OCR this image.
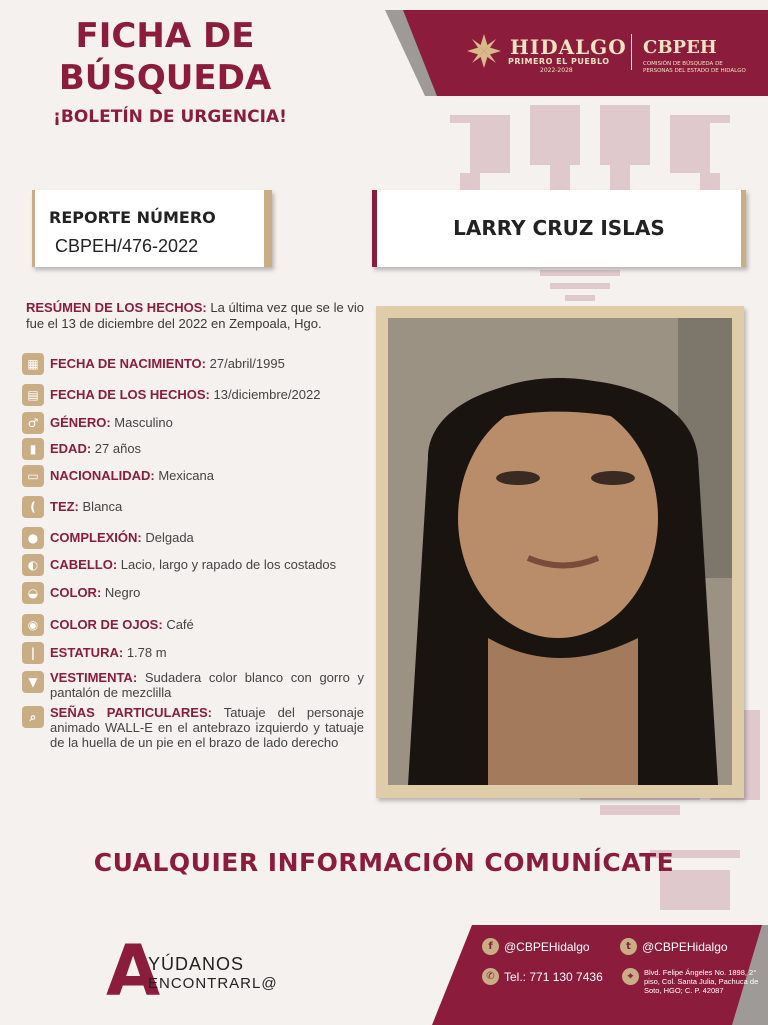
FICHA DE
BÚSQUEDA
¡BOLETÍN DE URGENCIA!
HIDALGO
PRIMERO EL PUEBLO
2022-2028
CBPEH
COMISIÓN DE BÚSQUEDA DE PERSONAS DEL ESTADO DE HIDALGO
REPORTE NÚMERO
CBPEH/476-2022
LARRY CRUZ ISLAS
RESÚMEN DE LOS HECHOS: La última vez que se le vio fue el 13 de diciembre del 2022 en Zempoala, Hgo.
▦ FECHA DE NACIMIENTO:
27/abril/1995
▤ FECHA DE LOS HECHOS:
13/diciembre/2022
♂ GÉNERO:
Masculino
▮	EDAD:
27 años
▭ NACIONALIDAD:
Mexicana
(	TEZ:
Blanca
● COMPLEXIÓN:
Delgada
◐ CABELLO:
Lacio, largo y rapado de los costados
◒ COLOR:
Negro
◉ COLOR DE OJOS:
Café
|	ESTATURA:
1.78 m
▼ VESTIMENTA: Sudadera color blanco con gorro y pantalón de mezclilla
⌕	SEÑAS PARTICULARES: Tatuaje del personaje animado WALL-E en el antebrazo izquierdo y tatuaje de la huella de un pie en el brazo de lado derecho
CUALQUIER INFORMACIÓN COMUNÍCATE
A
YÚDANOS
ENCONTRARL@
f @CBPEHidalgo	t @CBPEHidalgo
✆ Tel.: 771 130 7436	⌖	Blvd. Felipe Ángeles No. 1898, 2° piso, Col. Santa Julia, Pachuca de Soto, HGO; C. P. 42087
